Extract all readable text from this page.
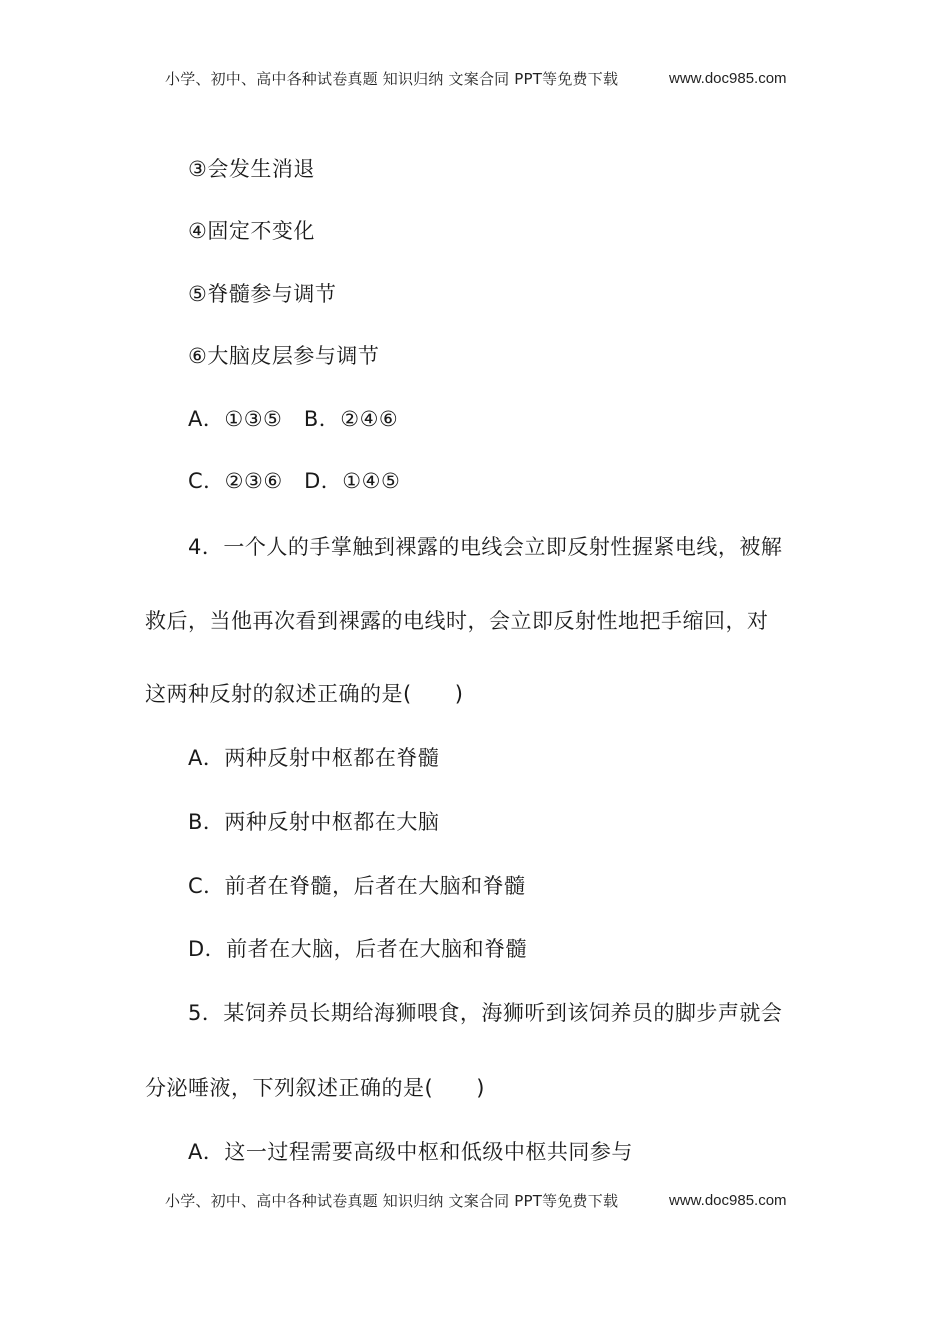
小学、初中、高中各种试卷真题 知识归纳 文案合同 PPT等免费下载	www.doc985.com
③会发生消退
④固定不变化
⑤脊髓参与调节
⑥大脑皮层参与调节
A．①③⑤　B．②④⑥
C．②③⑥　D．①④⑤
4．一个人的手掌触到裸露的电线会立即反射性握紧电线，被解
救后，当他再次看到裸露的电线时，会立即反射性地把手缩回，对
这两种反射的叙述正确的是(　　)
A．两种反射中枢都在脊髓
B．两种反射中枢都在大脑
C．前者在脊髓，后者在大脑和脊髓
D．前者在大脑，后者在大脑和脊髓
5．某饲养员长期给海狮喂食，海狮听到该饲养员的脚步声就会
分泌唾液，下列叙述正确的是(　　)
A．这一过程需要高级中枢和低级中枢共同参与
小学、初中、高中各种试卷真题 知识归纳 文案合同 PPT等免费下载	www.doc985.com
